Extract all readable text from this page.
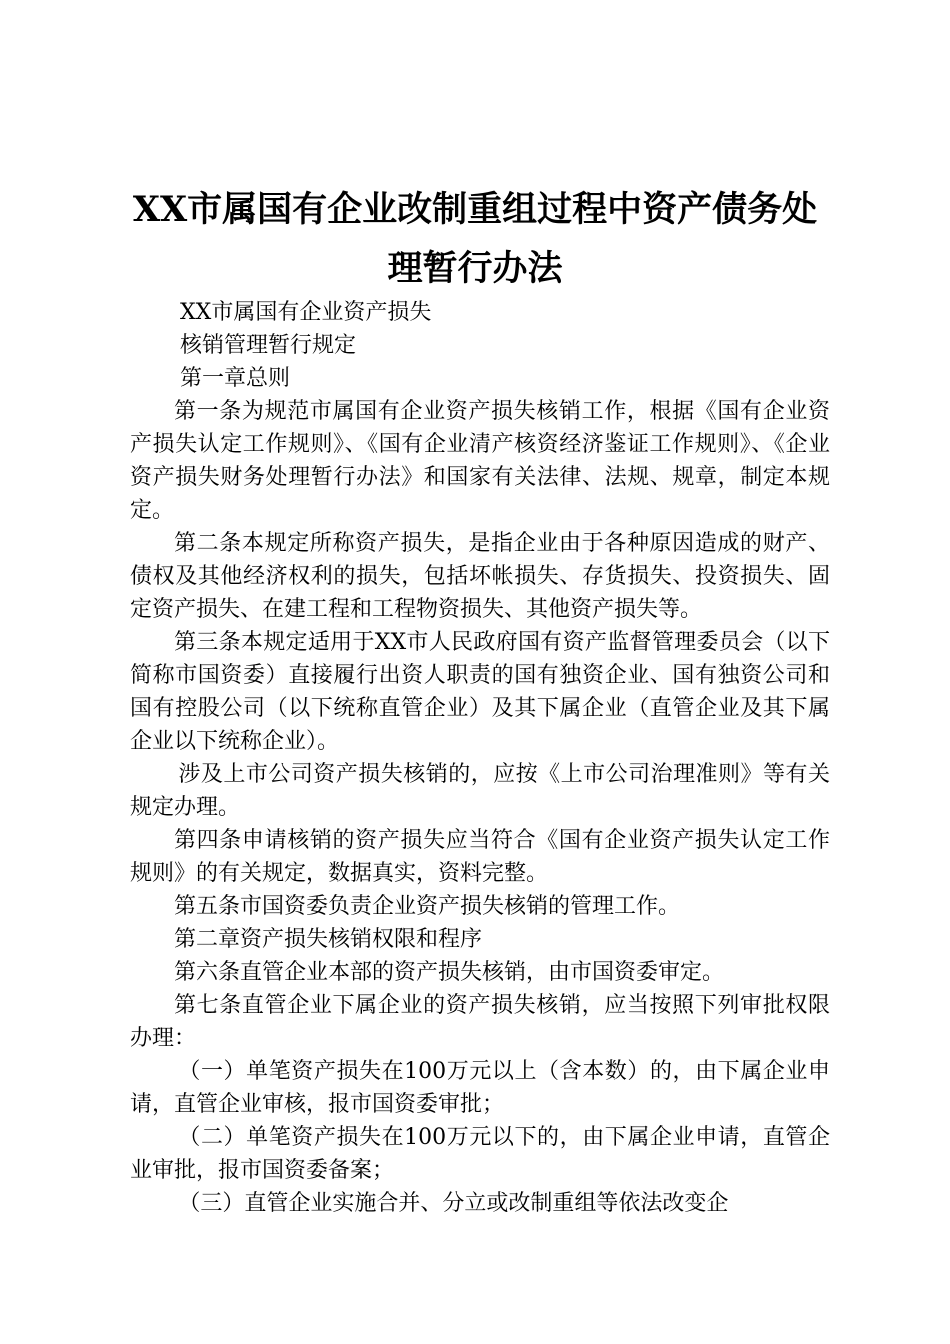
XX市属国有企业改制重组过程中资产债务处
理暂行办法

XX市属国有企业资产损失

核销管理暂行规定

第一章总则

第一条为规范市属国有企业资产损失核销工作，根据《国有企业资产损失认定工作规则》、《国有企业清产核资经济鉴证工作规则》、《企业资产损失财务处理暂行办法》和国家有关法律、法规、规章，制定本规定。

第二条本规定所称资产损失，是指企业由于各种原因造成的财产、债权及其他经济权利的损失，包括坏帐损失、存货损失、投资损失、固定资产损失、在建工程和工程物资损失、其他资产损失等。

第三条本规定适用于XX市人民政府国有资产监督管理委员会（以下简称市国资委）直接履行出资人职责的国有独资企业、国有独资公司和国有控股公司（以下统称直管企业）及其下属企业（直管企业及其下属企业以下统称企业）。

涉及上市公司资产损失核销的，应按《上市公司治理准则》等有关规定办理。

第四条申请核销的资产损失应当符合《国有企业资产损失认定工作规则》的有关规定，数据真实，资料完整。

第五条市国资委负责企业资产损失核销的管理工作。

第二章资产损失核销权限和程序

第六条直管企业本部的资产损失核销，由市国资委审定。

第七条直管企业下属企业的资产损失核销，应当按照下列审批权限办理：

（一）单笔资产损失在100万元以上（含本数）的，由下属企业申请，直管企业审核，报市国资委审批；

（二）单笔资产损失在100万元以下的，由下属企业申请，直管企业审批，报市国资委备案；

（三）直管企业实施合并、分立或改制重组等依法改变企
